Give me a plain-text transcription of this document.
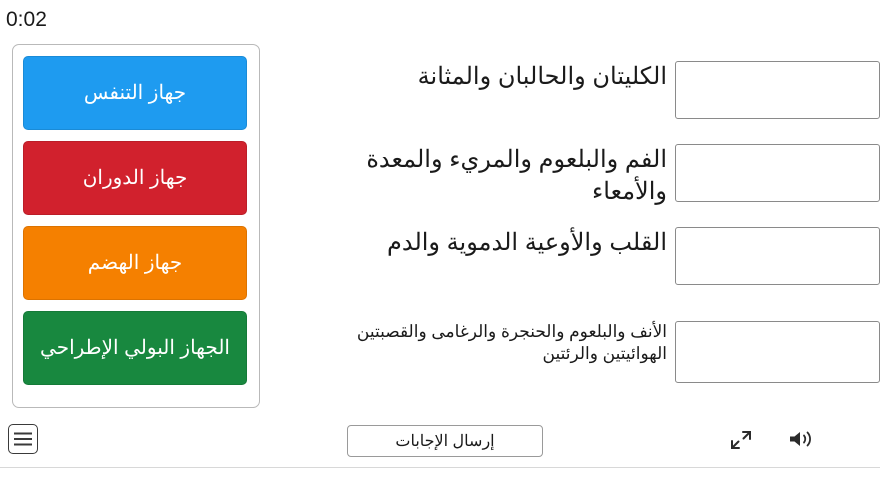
0:02
الكليتان والحالبان والمثانة
الفم والبلعوم والمريء والمعدة والأمعاء
القلب والأوعية الدموية والدم
الأنف والبلعوم والحنجرة والرغامى والقصبتين الهوائيتين والرئتين
جهاز التنفس
جهاز الدوران
جهاز الهضم
الجهاز البولي الإطراحي
إرسال الإجابات
